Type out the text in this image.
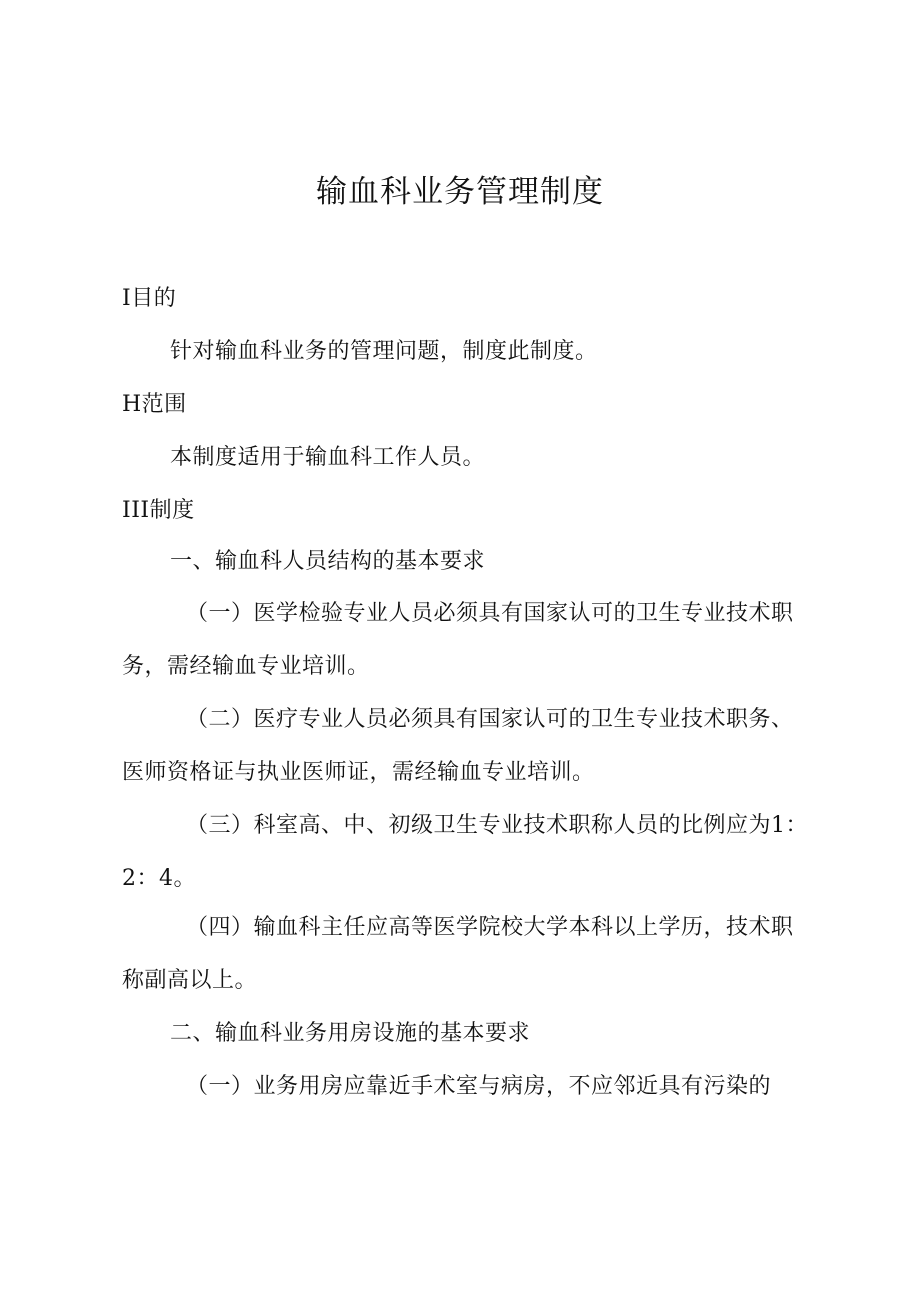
输血科业务管理制度
I目的
针对输血科业务的管理问题，制度此制度。
H范围
本制度适用于输血科工作人员。
III制度
一、输血科人员结构的基本要求
（一）医学检验专业人员必须具有国家认可的卫生专业技术职
务，需经输血专业培训。
（二）医疗专业人员必须具有国家认可的卫生专业技术职务、
医师资格证与执业医师证，需经输血专业培训。
（三）科室高、中、初级卫生专业技术职称人员的比例应为1：
2：4。
（四）输血科主任应高等医学院校大学本科以上学历，技术职
称副高以上。
二、输血科业务用房设施的基本要求
（一）业务用房应靠近手术室与病房，不应邻近具有污染的
